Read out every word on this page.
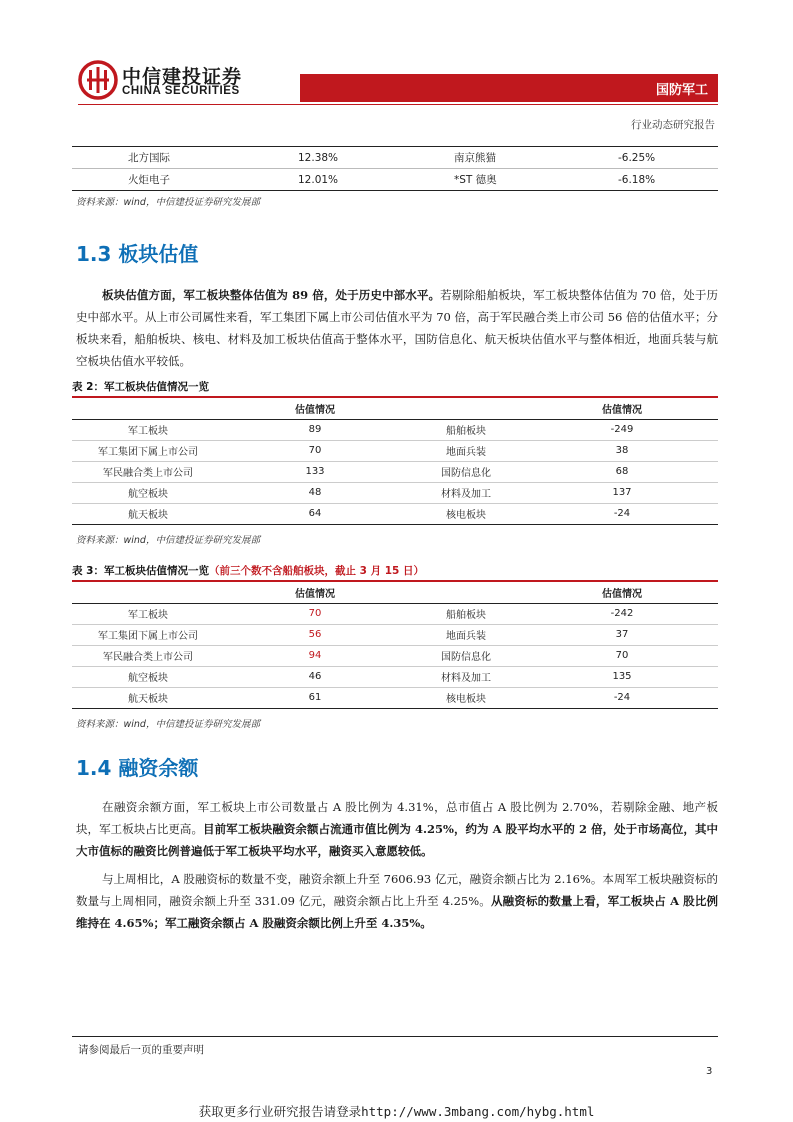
中信建投证券
CHINA SECURITIES	国防军工
行业动态研究报告
	北方国际	12.38%	南京熊猫	-6.25%
	火炬电子	12.01%	*ST 德奥	-6.18%
资料来源：wind，中信建投证券研究发展部
1.3 板块估值
板块估值方面，军工板块整体估值为 89 倍，处于历史中部水平。若剔除船舶板块，军工板块整体估值为 70 倍，处于历史中部水平。从上市公司属性来看，军工集团下属上市公司估值水平为 70 倍，高于军民融合类上市公司 56 倍的估值水平；分板块来看，船舶板块、核电、材料及加工板块估值高于整体水平，国防信息化、航天板块估值水平与整体相近，地面兵装与航空板块估值水平较低。
表 2：军工板块估值情况一览
	估值情况		估值情况
军工板块	89	船舶板块	-249
军工集团下属上市公司	70	地面兵装	38
军民融合类上市公司	133	国防信息化	68
航空板块	48	材料及加工	137
航天板块	64	核电板块	-24
资料来源：wind，中信建投证券研究发展部
表 3：军工板块估值情况一览（前三个数不含船舶板块，截止 3 月 15 日）
	估值情况		估值情况
军工板块	70	船舶板块	-242
军工集团下属上市公司	56	地面兵装	37
军民融合类上市公司	94	国防信息化	70
航空板块	46	材料及加工	135
航天板块	61	核电板块	-24
资料来源：wind，中信建投证券研究发展部
1.4 融资余额
在融资余额方面，军工板块上市公司数量占 A 股比例为 4.31%，总市值占 A 股比例为 2.70%，若剔除金融、地产板块，军工板块占比更高。目前军工板块融资余额占流通市值比例为 4.25%，约为 A 股平均水平的 2 倍，处于市场高位，其中大市值标的融资比例普遍低于军工板块平均水平，融资买入意愿较低。
与上周相比，A 股融资标的数量不变，融资余额上升至 7606.93 亿元，融资余额占比为 2.16%。本周军工板块融资标的数量与上周相同，融资余额上升至 331.09 亿元，融资余额占比上升至 4.25%。从融资标的数量上看，军工板块占 A 股比例维持在 4.65%；军工融资余额占 A 股融资余额比例上升至 4.35%。
请参阅最后一页的重要声明
3
获取更多行业研究报告请登录http://www.3mbang.com/hybg.html
